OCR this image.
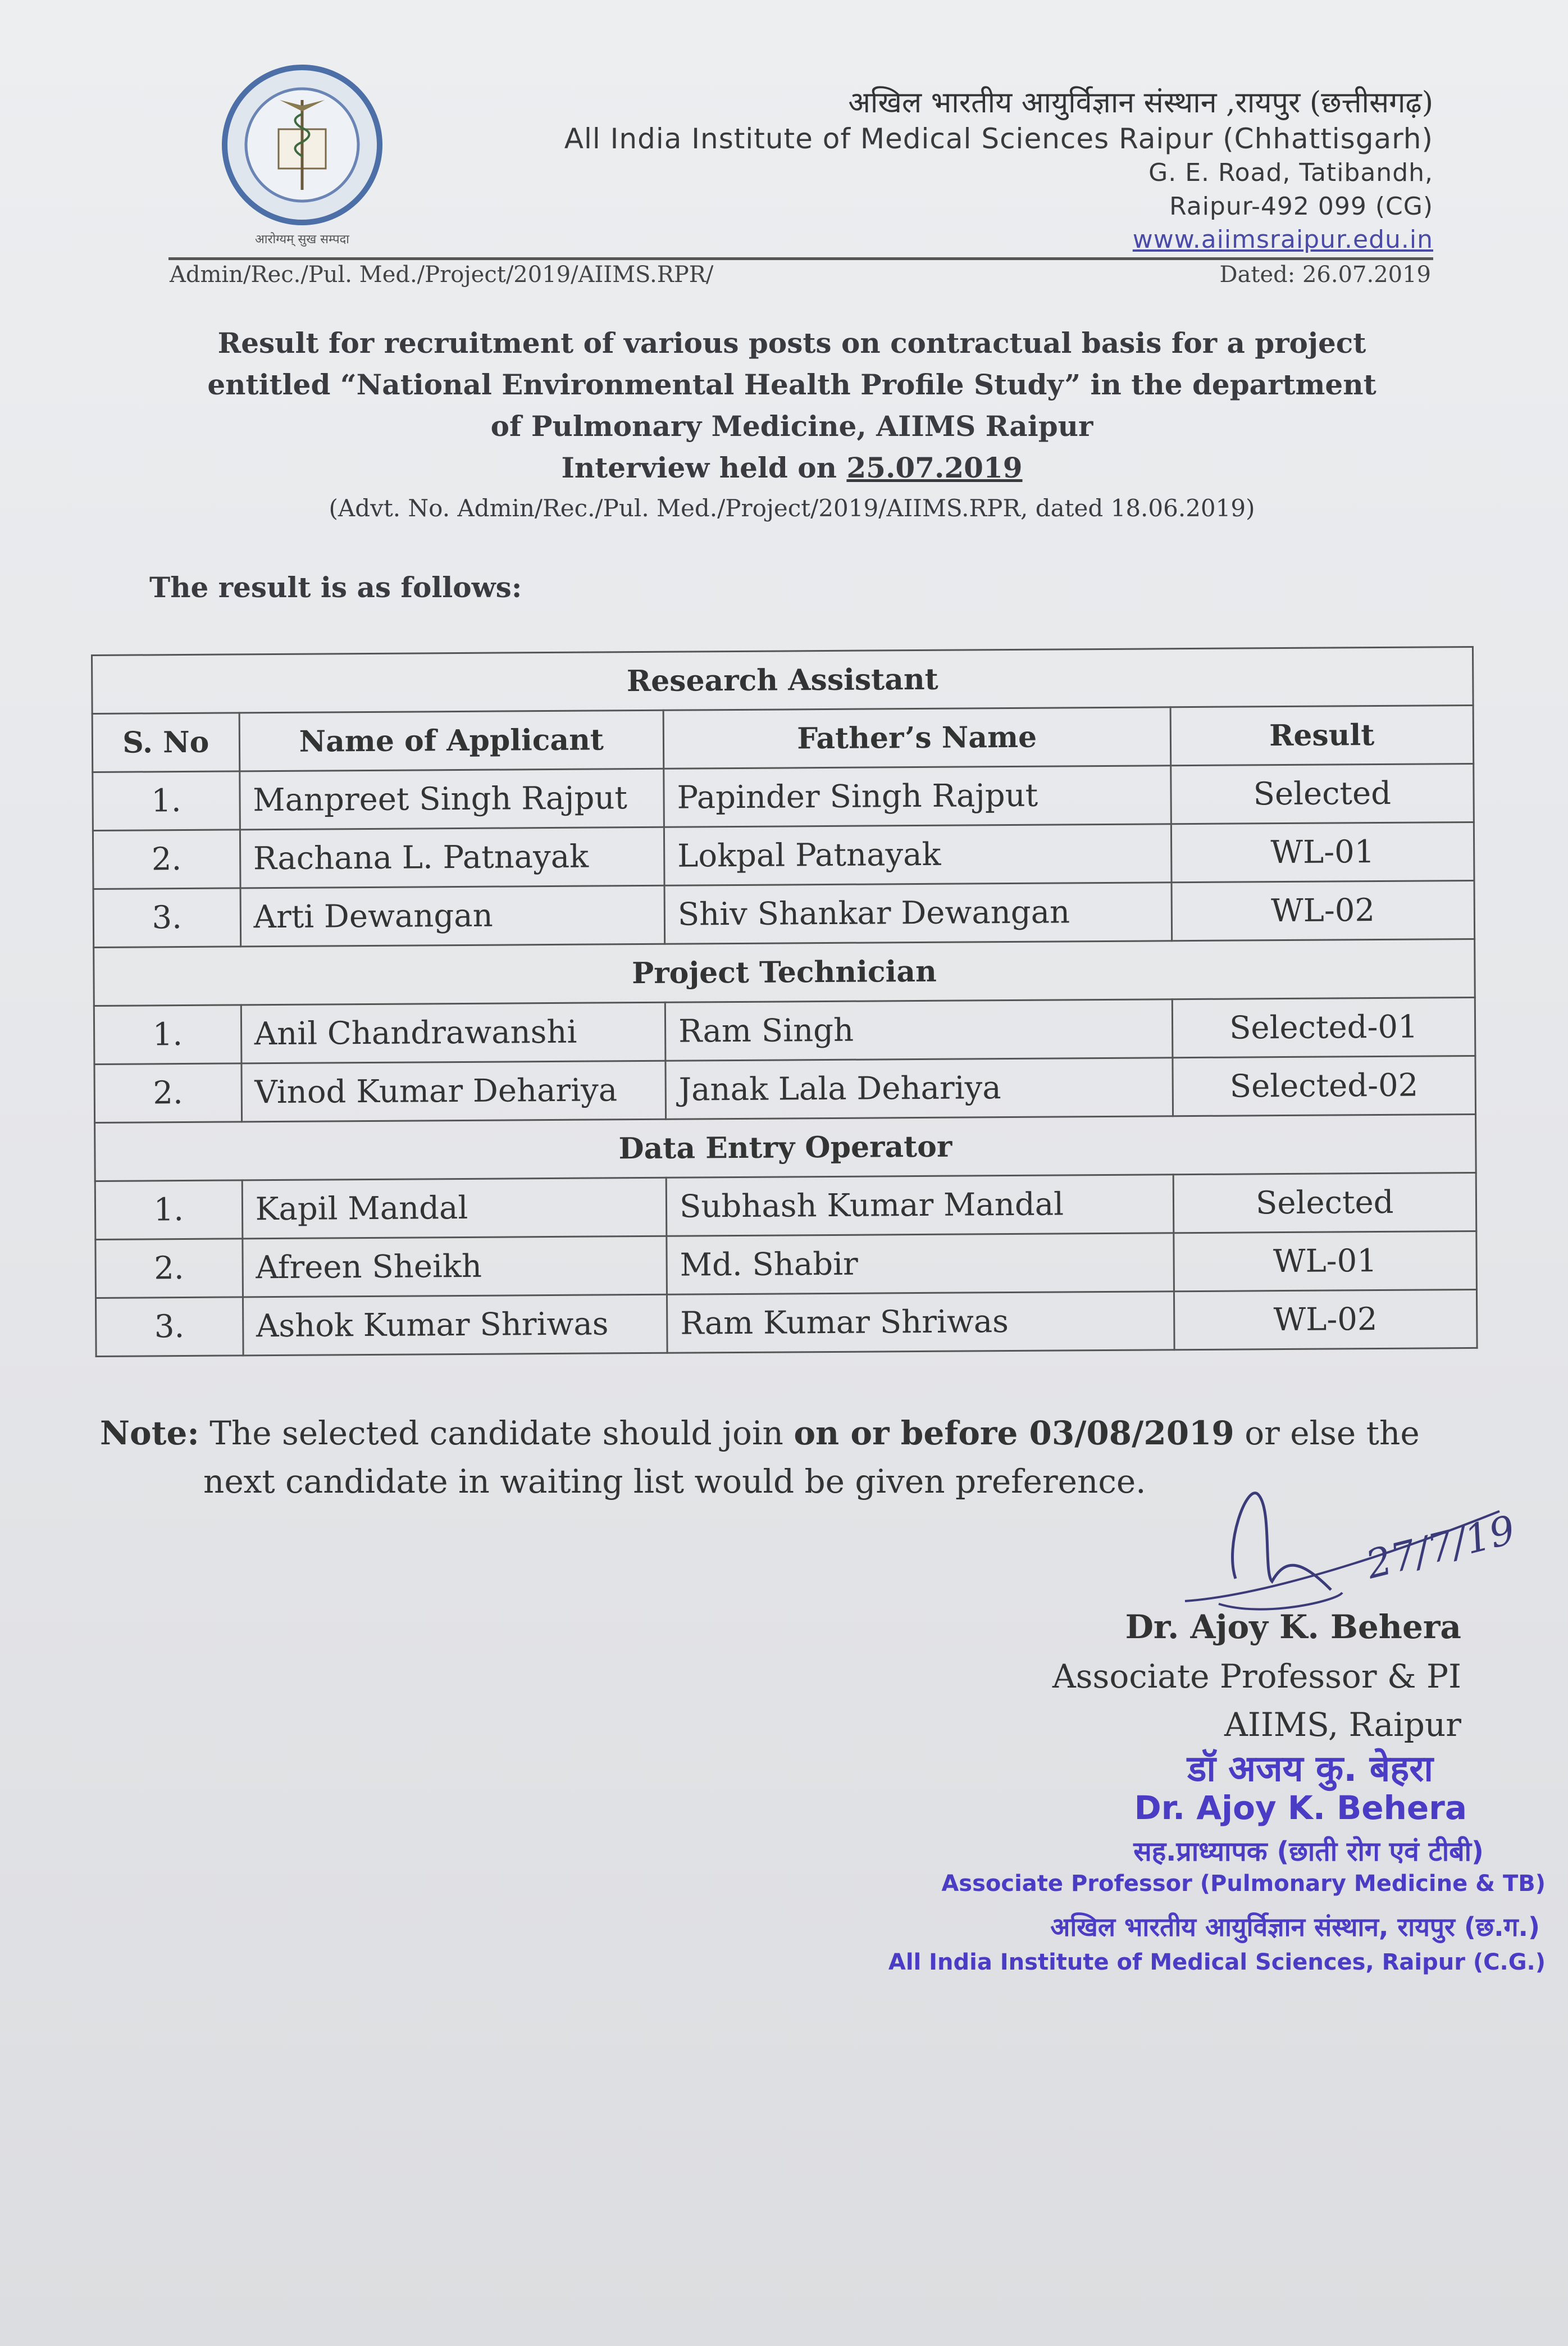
आरोग्यम् सुख सम्पदा
अखिल भारतीय आयुर्विज्ञान संस्थान ,रायपुर (छत्तीसगढ़)
All India Institute of Medical Sciences Raipur (Chhattisgarh)
G. E. Road, Tatibandh,
Raipur-492 099 (CG)
www.aiimsraipur.edu.in
Admin/Rec./Pul. Med./Project/2019/AIIMS.RPR/	Dated: 26.07.2019
Result for recruitment of various posts on contractual basis for a project
entitled “National Environmental Health Profile Study” in the department
of Pulmonary Medicine, AIIMS Raipur
Interview held on 25.07.2019
(Advt. No. Admin/Rec./Pul. Med./Project/2019/AIIMS.RPR, dated 18.06.2019)
The result is as follows:
Research Assistant			
S. No	Name of Applicant	Father’s Name	Result
1.	Manpreet Singh Rajput	Papinder Singh Rajput	Selected
2.	Rachana L. Patnayak	Lokpal Patnayak	WL-01
3.	Arti Dewangan	Shiv Shankar Dewangan	WL-02
Project Technician			
1.	Anil Chandrawanshi	Ram Singh	Selected-01
2.	Vinod Kumar Dehariya	Janak Lala Dehariya	Selected-02
Data Entry Operator			
1.	Kapil Mandal	Subhash Kumar Mandal	Selected
2.	Afreen Sheikh	Md. Shabir	WL-01
3.	Ashok Kumar Shriwas	Ram Kumar Shriwas	WL-02
Note: The selected candidate should join on or before 03/08/2019 or else the
next candidate in waiting list would be given preference.
27/7/19
Dr. Ajoy K. Behera
Associate Professor & PI
AIIMS, Raipur
डॉ अजय कु. बेहरा
Dr. Ajoy K. Behera
सह.प्राध्यापक (छाती रोग एवं टीबी)
Associate Professor (Pulmonary Medicine & TB)
अखिल भारतीय आयुर्विज्ञान संस्थान, रायपुर (छ.ग.)
All India Institute of Medical Sciences, Raipur (C.G.)
